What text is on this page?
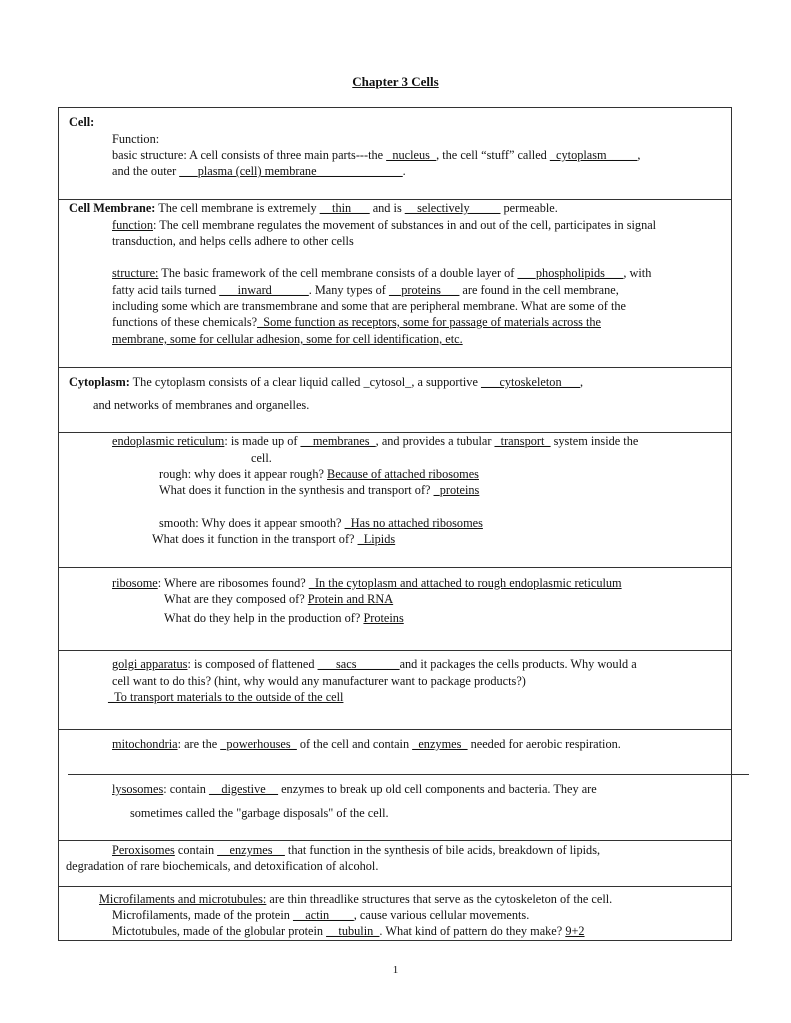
Chapter 3 Cells
Cell:
Function:
basic structure: A cell consists of three main parts---the _nucleus_, the cell “stuff” called _cytoplasm_____,
and the outer ___plasma (cell) membrane______________.
Cell Membrane: The cell membrane is extremely __thin___ and is __selectively_____ permeable.
function: The cell membrane regulates the movement of substances in and out of the cell, participates in signal
transduction, and helps cells adhere to other cells
structure: The basic framework of the cell membrane consists of a double layer of ___phospholipids___, with
fatty acid tails turned ___inward______. Many types of __proteins___ are found in the cell membrane,
including some which are transmembrane and some that are peripheral membrane. What are some of the
functions of these chemicals?_Some function as receptors, some for passage of materials across the
membrane, some for cellular adhesion, some for cell identification, etc.
Cytoplasm: The cytoplasm consists of a clear liquid called _cytosol_, a supportive ___cytoskeleton___,
and networks of membranes and organelles.
endoplasmic reticulum: is made up of __membranes_, and provides a tubular _transport_ system inside the
cell.
rough: why does it appear rough? Because of attached ribosomes
What does it function in the synthesis and transport of? _proteins
smooth: Why does it appear smooth? _Has no attached ribosomes
What does it function in the transport of? _Lipids
ribosome: Where are ribosomes found? _In the cytoplasm and attached to rough endoplasmic reticulum
What are they composed of? Protein and RNA
What do they help in the production of? Proteins
golgi apparatus: is composed of flattened ___sacs_______and it packages the cells products. Why would a
cell want to do this? (hint, why would any manufacturer want to package products?)
_To transport materials to the outside of the cell
mitochondria: are the _powerhouses_ of the cell and contain _enzymes_ needed for aerobic respiration.
lysosomes: contain __digestive__ enzymes to break up old cell components and bacteria. They are
sometimes called the "garbage disposals" of the cell.
Peroxisomes contain __enzymes__ that function in the synthesis of bile acids, breakdown of lipids,
degradation of rare biochemicals, and detoxification of alcohol.
Microfilaments and microtubules: are thin threadlike structures that serve as the cytoskeleton of the cell.
Microfilaments, made of the protein __actin____, cause various cellular movements.
Mictotubules, made of the globular protein __tubulin_. What kind of pattern do they make? 9+2
1
